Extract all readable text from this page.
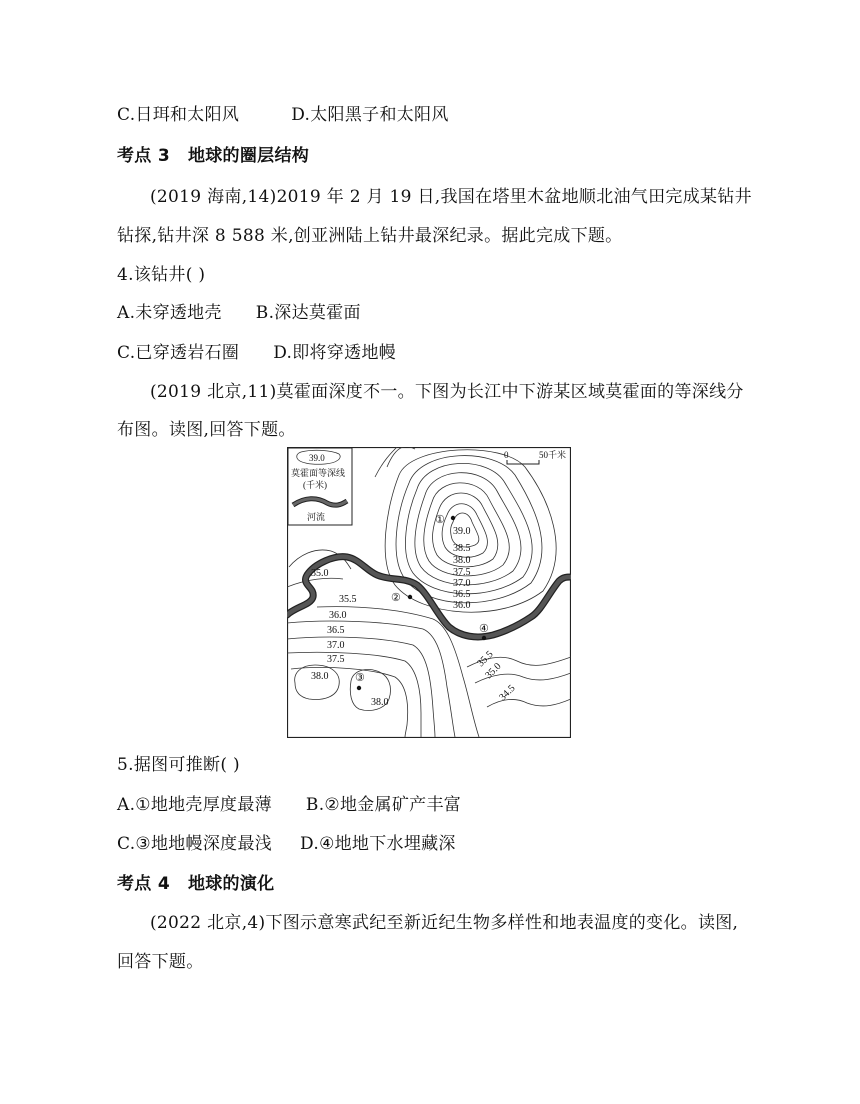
C.日珥和太阳风	D.太阳黑子和太阳风
考点 3 地球的圈层结构
(2019 海南,14)2019 年 2 月 19 日,我国在塔里木盆地顺北油气田完成某钻井
钻探,钻井深 8 588 米,创亚洲陆上钻井最深纪录。据此完成下题。
4.该钻井( )
A.未穿透地壳 B.深达莫霍面
C.已穿透岩石圈 D.即将穿透地幔
(2019 北京,11)莫霍面深度不一。下图为长江中下游某区域莫霍面的等深线分
布图。读图,回答下题。
39.0
莫霍面等深线
(千米)
河流
0	50千米
39.0
38.5
38.0
37.5
37.0
36.5
36.0
35.0
35.5
36.0
36.5
37.0
37.5
38.0
38.0
35.5
35.0
34.5
①
②
③
④
5.据图可推断( )
A.①地地壳厚度最薄 B.②地金属矿产丰富
C.③地地幔深度最浅 D.④地地下水埋藏深
考点 4 地球的演化
(2022 北京,4)下图示意寒武纪至新近纪生物多样性和地表温度的变化。读图,
回答下题。
